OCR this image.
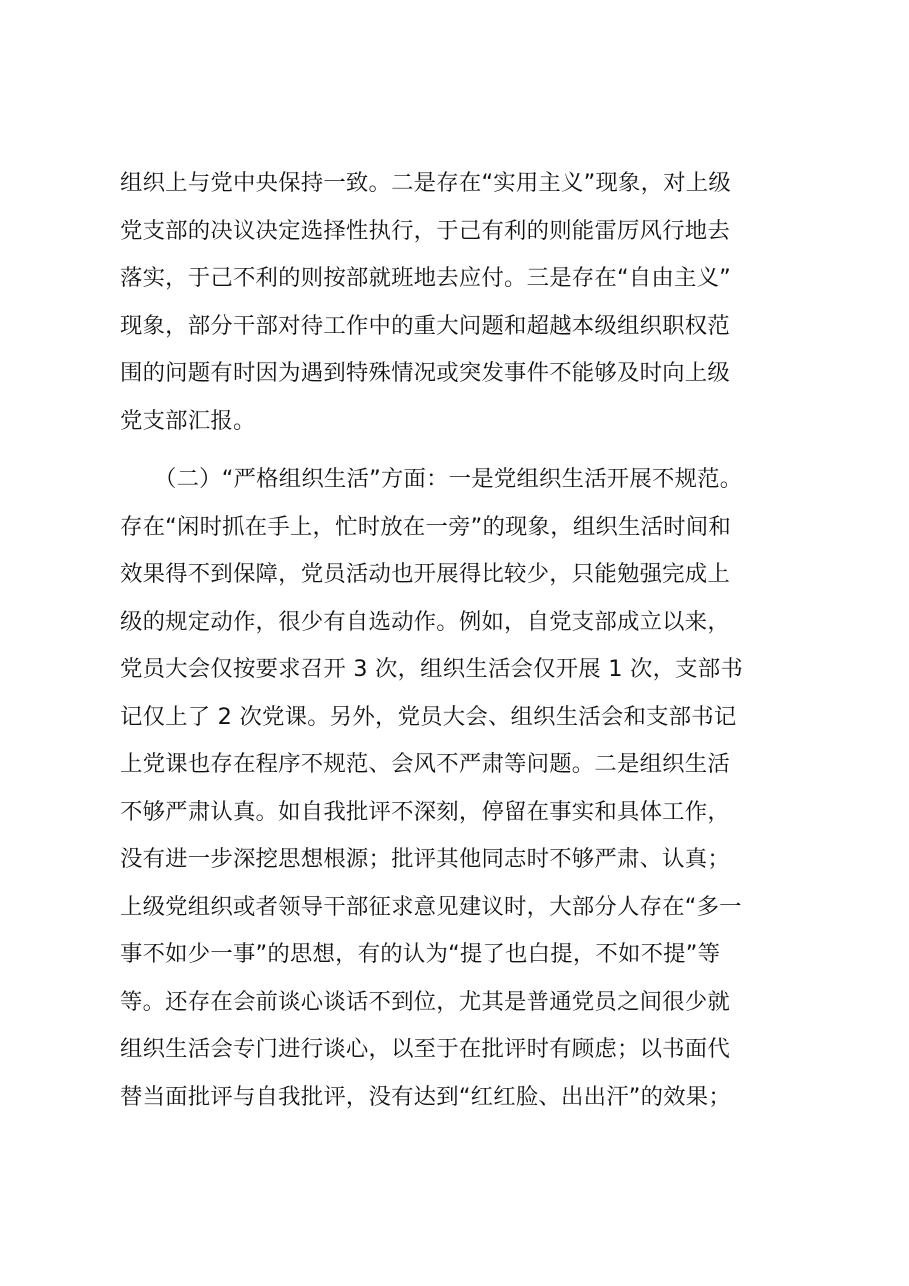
组织上与党中央保持一致。二是存在“实用主义”现象，对上级
党支部的决议决定选择性执行，于己有利的则能雷厉风行地去
落实，于己不利的则按部就班地去应付。三是存在“自由主义”
现象，部分干部对待工作中的重大问题和超越本级组织职权范
围的问题有时因为遇到特殊情况或突发事件不能够及时向上级
党支部汇报。
　　（二）“严格组织生活”方面：一是党组织生活开展不规范。
存在“闲时抓在手上，忙时放在一旁”的现象，组织生活时间和
效果得不到保障，党员活动也开展得比较少，只能勉强完成上
级的规定动作，很少有自选动作。例如，自党支部成立以来，
党员大会仅按要求召开 3 次，组织生活会仅开展 1 次，支部书
记仅上了 2 次党课。另外，党员大会、组织生活会和支部书记
上党课也存在程序不规范、会风不严肃等问题。二是组织生活
不够严肃认真。如自我批评不深刻，停留在事实和具体工作，
没有进一步深挖思想根源；批评其他同志时不够严肃、认真；
上级党组织或者领导干部征求意见建议时，大部分人存在“多一
事不如少一事”的思想，有的认为“提了也白提，不如不提”等
等。还存在会前谈心谈话不到位，尤其是普通党员之间很少就
组织生活会专门进行谈心，以至于在批评时有顾虑；以书面代
替当面批评与自我批评，没有达到“红红脸、出出汗”的效果；
